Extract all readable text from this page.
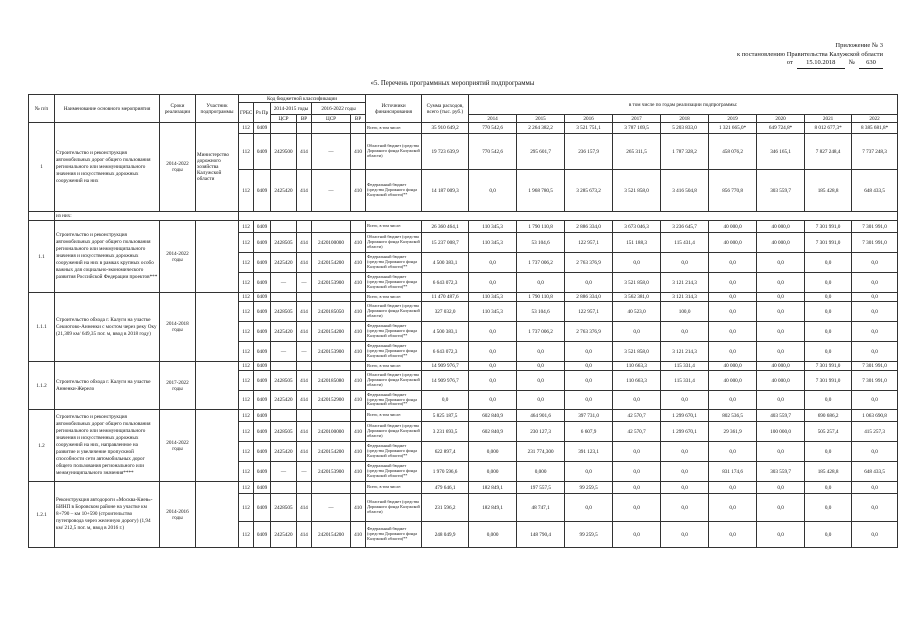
Приложение № 3
к постановлению Правительства Калужской области
от	15.10.2018	№	630
«5. Перечень программных мероприятий подпрограммы
№ п/п	Наименование основного мероприятия	Сроки реализации	Участник подпрограммы	Код бюджетной классификации						Источники финансирования	Сумма расходов, всего (тыс. руб.)	в том числе по годам реализации подпрограммы:								
				ГРБС	Рз Пр	2014-2015 годы		2016-2022 годы												

						ЦСР	ВР	ЦСР	ВР			2014	2015	2016	2017	2018	2019	2020	2021	2022
1	Строительство и реконструкция автомобильных дорог общего пользования регионального или межмуниципального значения и искусственных дорожных сооружений на них	2014-2022 годы	Министерство дорожного хозяйства Калужской области	112	0409					Всего, в том числе:	35 910 649,2	770 542,6	2 264 382,2	3 521 751,1	3 787 169,5	5 203 833,0	1 321 665,0*	649 724,8*	8 012 677,3*	8 385 681,8*
				112	0409	2429500	414	—	410	Областной бюджет (средства Дорожного фонда Калужской области)	19 723 639,9	770 542,6	295 601,7	236 157,9	265 311,5	1 787 328,2	458 076,2	346 165,1	7 827 248,4	7 737 248,3
				112	0409	2425420	414	—	410	Федеральный бюджет (средства Дорожного фонда Калужской области)**	14 187 009,3	0,0	1 968 780,5	3 285 673,2	3 521 858,0	3 416 504,8	856 770,8	303 559,7	185 428,8	648 433,5
	из них:																			
1.1	Строительство и реконструкция автомобильных дорог общего пользования регионального или межмуниципального значения и искусственных дорожных сооружений на них в рамках крупных особо важных для социально-экономического развития Российской Федерации проектов***	2014-2022 годы		112	0409					Всего, в том числе:	26 360 464,1	110 345,3	1 790 110,8	2 886 334,0	3 673 046,3	3 236 645,7	40 000,0	40 000,0	7 301 991,0	7 301 991,0
				112	0409	2428505	414	2420100000	410	Областной бюджет (средства Дорожного фонда Калужской области)	15 237 008,7	110 345,3	53 104,6	122 957,1	151 188,3	115 431,4	40 000,0	40 000,0	7 301 991,0	7 301 991,0
				112	0409	2425420	414	2420154200	410	Федеральный бюджет (средства Дорожного фонда Калужской области)**	4 500 383,1	0,0	1 737 006,2	2 763 376,9	0,0	0,0	0,0	0,0	0,0	0,0
				112	0409	—	—	2420153900	410	Федеральный бюджет (средства Дорожного фонда Калужской области)**	6 643 072,3	0,0	0,0	0,0	3 521 858,0	3 121 214,3	0,0	0,0	0,0	0,0
1.1.1	Строительство обхода г. Калуги на участке Секиотово-Анненки с мостом через реку Оку (21,309 км/ 649,35 пог. м, ввод в 2018 году)	2014-2018 годы		112	0409					Всего, в том числе:	11 470 487,6	110 345,3	1 790 110,8	2 886 334,0	3 562 381,0	3 121 314,3	0,0	0,0	0,0	0,0
				112	0409	2428505	414	2420185050	410	Областной бюджет (средства Дорожного фонда Калужской области)	327 032,0	110 345,3	53 104,6	122 957,1	40 523,0	100,0	0,0	0,0	0,0	0,0
				112	0409	2425420	414	2420154200	410	Федеральный бюджет (средства Дорожного фонда Калужской области)**	4 500 383,1	0,0	1 737 006,2	2 763 376,9	0,0	0,0	0,0	0,0	0,0	0,0
				112	0409	—	—	2420153900	410	Федеральный бюджет (средства Дорожного фонда Калужской области)**	6 643 072,3	0,0	0,0	0,0	3 521 858,0	3 121 214,3	0,0	0,0	0,0	0,0
1.1.2	Строительство обхода г. Калуги на участке Анненки-Жерело	2017-2022 годы		112	0409					Всего, в том числе:	14 909 976,7	0,0	0,0	0,0	110 663,3	115 331,4	40 000,0	40 000,0	7 301 991,0	7 301 991,0
				112	0409	2428505	414	2420185080	410	Областной бюджет (средства Дорожного фонда Калужской области)	14 909 976,7	0,0	0,0	0,0	110 663,3	115 331,4	40 000,0	40 000,0	7 301 991,0	7 301 991,0
				112	0409	2425420	414	2420152900	410	Федеральный бюджет (средства Дорожного фонда Калужской области)**	0,0	0,0	0,0	0,0	0,0	0,0	0,0	0,0	0,0	0,0
1.2	Строительство и реконструкция автомобильных дорог общего пользования регионального или межмуниципального значения и искусственных дорожных сооружений на них, направленное на развитие и увеличение пропускной способности сети автомобильных дорог общего пользования регионального или межмуниципального значения****	2014-2022 годы		112	0409					Всего, в том числе:	5 825 187,5	602 840,9	464 901,6	397 731,0	42 570,7	1 299 670,1	802 536,5	403 559,7	690 686,2	1 063 690,8
				112	0409	2428505	414	2420100000	410	Областной бюджет (средства Дорожного фонда Калужской области)	3 231 693,5	602 840,9	230 127,3	6 607,9	42 570,7	1 299 670,1	29 361,9	100 000,0	505 257,4	415 257,3
				112	0409	2425420	414	2420154200	410	Федеральный бюджет (средства Дорожного фонда Калужской области)**	622 897,4	0,000	231 774,300	391 123,1	0,0	0,0	0,0	0,0	0,0	0,0
				112	0409	—	—	2420153900	410	Федеральный бюджет (средства Дорожного фонда Калужской области)**	1 970 596,6	0,000	0,000	0,0	0,0	0,0	831 174,6	303 559,7	185 428,8	648 433,5
1.2.1	Реконструкция автодороги «Москва-Киев»-БИНП в Боровском районе на участке км 8+790 – км 10+590 (строительство путепровода через железную дорогу) (1,94 км/ 212,5 пог. м, ввод в 2016 г.)	2014-2016 годы		112	0409					Всего, в том числе:	479 646,1	182 849,1	197 557,5	99 259,5	0,0	0,0	0,0	0,0	0,0	0,0
				112	0409	2428505	414	—	410	Областной бюджет (средства Дорожного фонда Калужской области)	231 596,2	182 849,1	48 747,1	0,0	0,0	0,0	0,0	0,0	0,0	0,0
				112	0409	2425420	414	2420154200	410	Федеральный бюджет (средства Дорожного фонда Калужской области)**	248 049,9	0,000	148 790,4	99 259,5	0,0	0,0	0,0	0,0	0,0	0,0
